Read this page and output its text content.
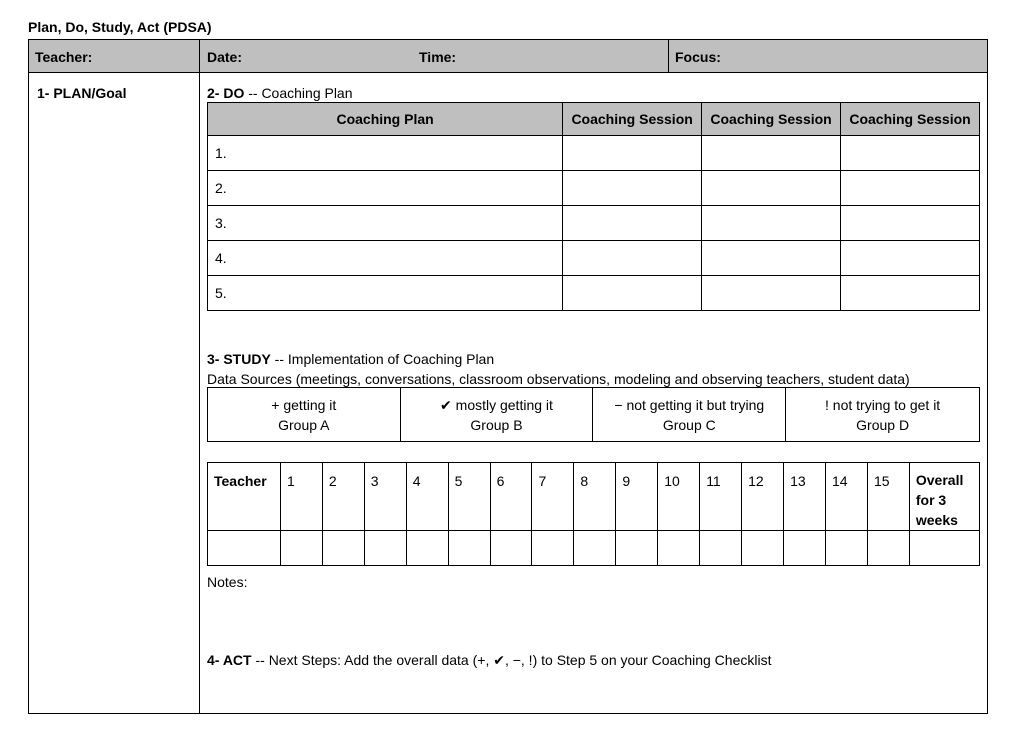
Plan, Do, Study, Act (PDSA)
Teacher:	Date:	Time:	Focus:
1- PLAN/Goal	2- DO -- Coaching Plan
Coaching Plan	Coaching Session	Coaching Session	Coaching Session
1.			
2.			
3.			
4.			
5.			
3- STUDY -- Implementation of Coaching Plan
Data Sources (meetings, conversations, classroom observations, modeling and observing teachers, student data)
+ getting it
Group A

✔ mostly getting it
Group B

− not getting it but trying
Group C

! not trying to get it
Group D
Teacher	1	2	3	4	5	6	7	8	9	10	11	12	13	14	15	Overall for 3 weeks

Notes:
4- ACT -- Next Steps: Add the overall data (+, ✔, −, !) to Step 5 on your Coaching Checklist
